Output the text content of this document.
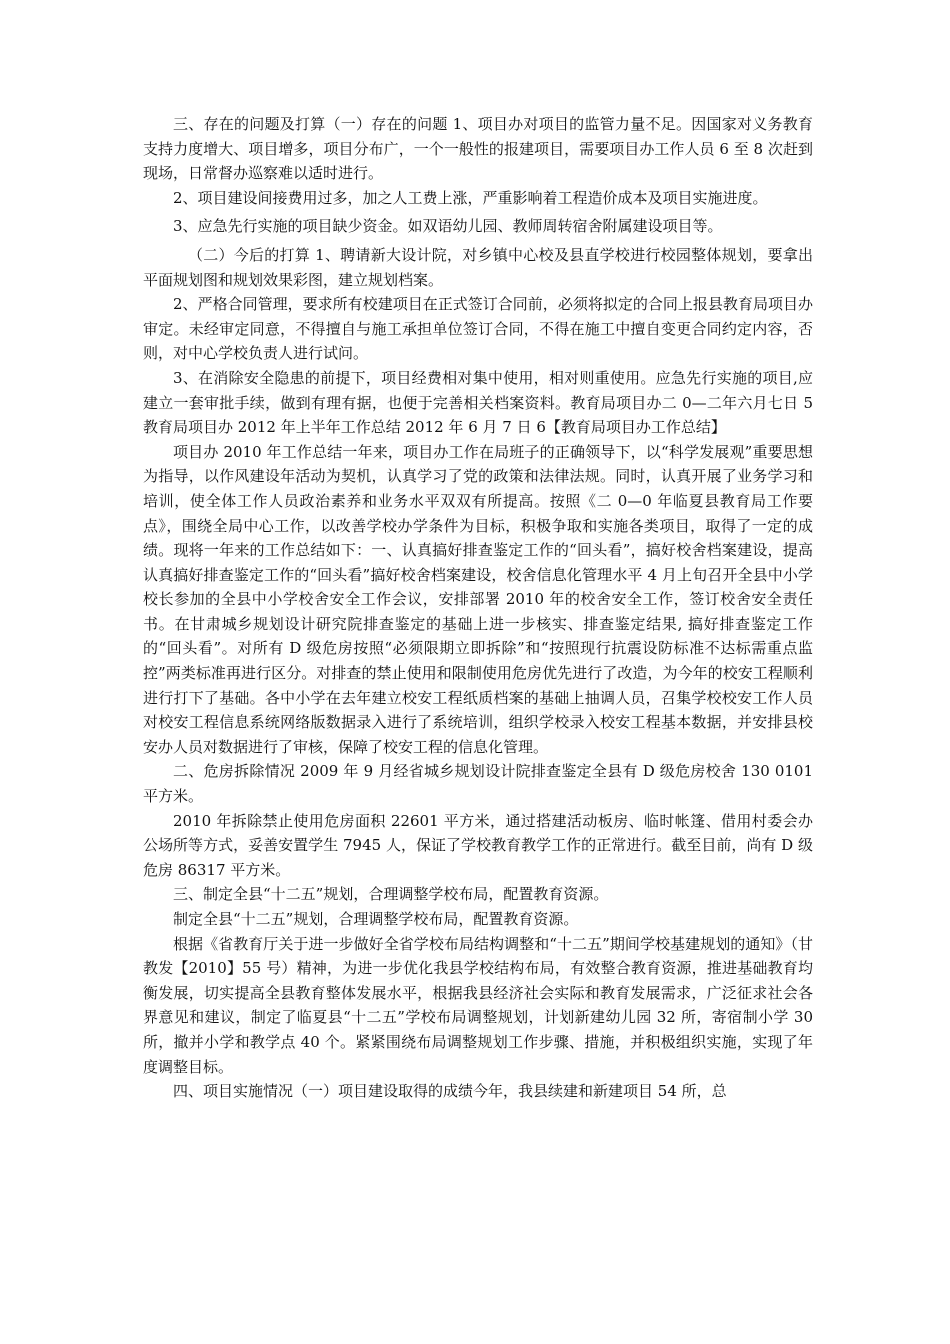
三、存在的问题及打算（一）存在的问题 1、项目办对项目的监管力量不足。因国家对义务教育支持力度增大、项目增多，项目分布广，一个一般性的报建项目，需要项目办工作人员 6 至 8 次赶到现场，日常督办巡察难以适时进行。

2、项目建设间接费用过多，加之人工费上涨，严重影响着工程造价成本及项目实施进度。

3、应急先行实施的项目缺少资金。如双语幼儿园、教师周转宿舍附属建设项目等。

（二）今后的打算 1、聘请新大设计院，对乡镇中心校及县直学校进行校园整体规划，要拿出平面规划图和规划效果彩图，建立规划档案。

2、严格合同管理，要求所有校建项目在正式签订合同前，必须将拟定的合同上报县教育局项目办审定。未经审定同意，不得擅自与施工承担单位签订合同，不得在施工中擅自变更合同约定内容，否则，对中心学校负责人进行试问。

3、在消除安全隐患的前提下，项目经费相对集中使用，相对则重使用。应急先行实施的项目,应建立一套审批手续，做到有理有据，也便于完善相关档案资料。教育局项目办二 0—二年六月七日 5 教育局项目办 2012 年上半年工作总结 2012 年 6 月 7 日 6【教育局项目办工作总结】

项目办 2010 年工作总结一年来，项目办工作在局班子的正确领导下，以“科学发展观”重要思想为指导，以作风建设年活动为契机，认真学习了党的政策和法律法规。同时，认真开展了业务学习和培训，使全体工作人员政治素养和业务水平双双有所提高。按照《二 0—0 年临夏县教育局工作要点》，围绕全局中心工作，以改善学校办学条件为目标，积极争取和实施各类项目，取得了一定的成绩。现将一年来的工作总结如下：一、认真搞好排查鉴定工作的“回头看”，搞好校舍档案建设，提高认真搞好排查鉴定工作的“回头看”搞好校舍档案建设，校舍信息化管理水平 4 月上旬召开全县中小学校长参加的全县中小学校舍安全工作会议，安排部署 2010 年的校舍安全工作，签订校舍安全责任书。在甘肃城乡规划设计研究院排查鉴定的基础上进一步核实、排查鉴定结果, 搞好排查鉴定工作的“回头看”。对所有 D 级危房按照“必须限期立即拆除”和“按照现行抗震设防标准不达标需重点监控”两类标准再进行区分。对排查的禁止使用和限制使用危房优先进行了改造，为今年的校安工程顺利进行打下了基础。各中小学在去年建立校安工程纸质档案的基础上抽调人员，召集学校校安工作人员对校安工程信息系统网络版数据录入进行了系统培训，组织学校录入校安工程基本数据，并安排县校安办人员对数据进行了审核，保障了校安工程的信息化管理。

二、危房拆除情况 2009 年 9 月经省城乡规划设计院排查鉴定全县有 D 级危房校舍 130 0101 平方米。

2010 年拆除禁止使用危房面积 22601 平方米，通过搭建活动板房、临时帐篷、借用村委会办公场所等方式，妥善安置学生 7945 人，保证了学校教育教学工作的正常进行。截至目前，尚有 D 级危房 86317 平方米。

三、制定全县“十二五”规划，合理调整学校布局，配置教育资源。

制定全县“十二五”规划，合理调整学校布局，配置教育资源。

根据《省教育厅关于进一步做好全省学校布局结构调整和“十二五”期间学校基建规划的通知》（甘教发【2010】55 号）精神，为进一步优化我县学校结构布局，有效整合教育资源，推进基础教育均衡发展，切实提高全县教育整体发展水平，根据我县经济社会实际和教育发展需求，广泛征求社会各界意见和建议，制定了临夏县“十二五”学校布局调整规划，计划新建幼儿园 32 所，寄宿制小学 30 所，撤并小学和教学点 40 个。紧紧围绕布局调整规划工作步骤、措施，并积极组织实施，实现了年度调整目标。

四、项目实施情况（一）项目建设取得的成绩今年，我县续建和新建项目 54 所，总
